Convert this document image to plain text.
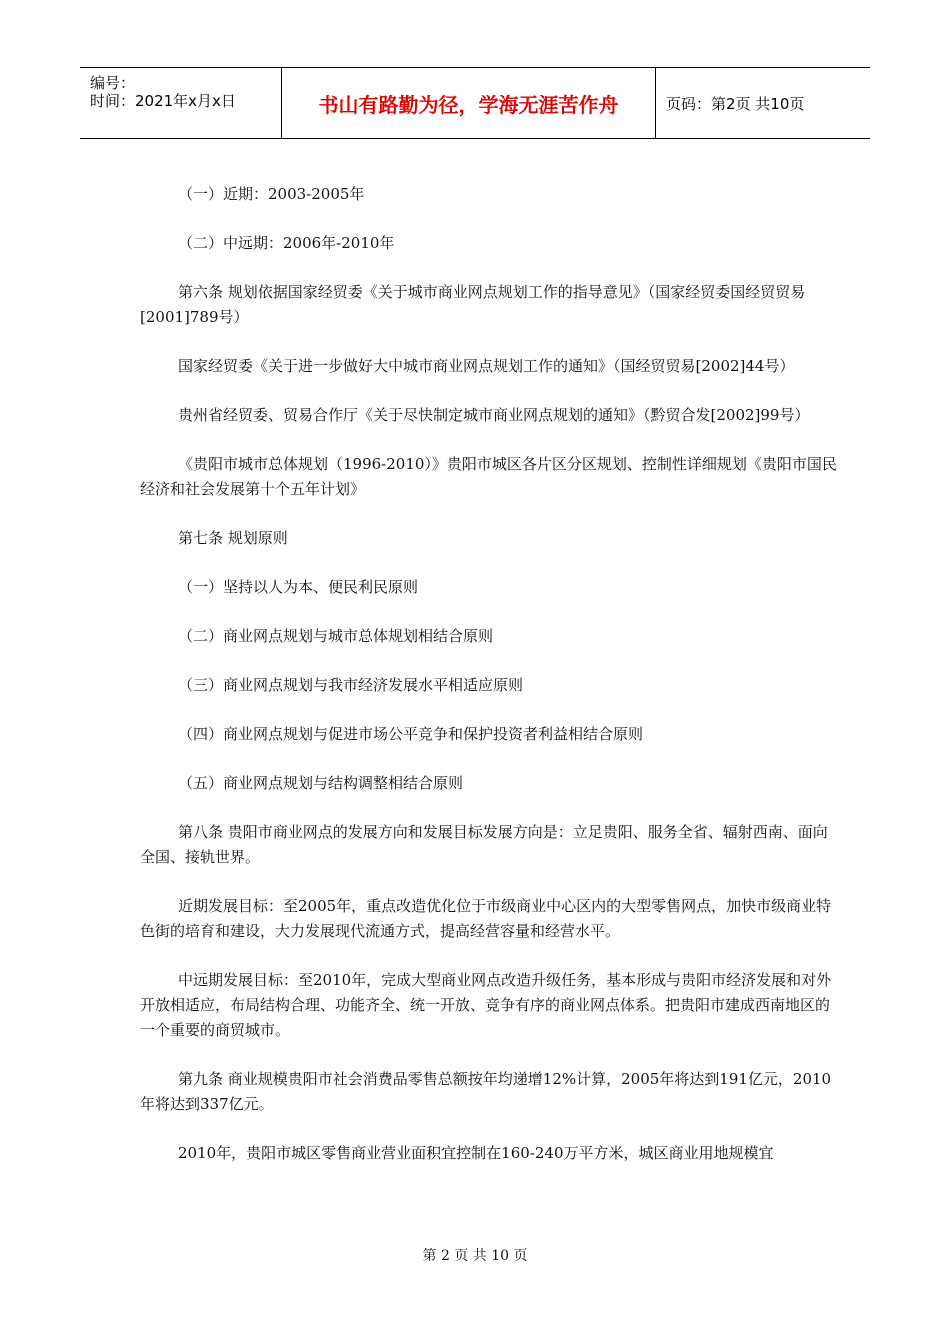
编号：
时间：2021年x月x日	书山有路勤为径，学海无涯苦作舟	页码：第2页 共10页

（一）近期：2003-2005年

（二）中远期：2006年-2010年

第六条 规划依据国家经贸委《关于城市商业网点规划工作的指导意见》（国家经贸委国经贸贸易[2001]789号）

国家经贸委《关于进一步做好大中城市商业网点规划工作的通知》（国经贸贸易[2002]44号）

贵州省经贸委、贸易合作厅《关于尽快制定城市商业网点规划的通知》（黔贸合发[2002]99号）

《贵阳市城市总体规划（1996-2010）》贵阳市城区各片区分区规划、控制性详细规划《贵阳市国民经济和社会发展第十个五年计划》

第七条 规划原则

（一）坚持以人为本、便民利民原则

（二）商业网点规划与城市总体规划相结合原则

（三）商业网点规划与我市经济发展水平相适应原则

（四）商业网点规划与促进市场公平竞争和保护投资者利益相结合原则

（五）商业网点规划与结构调整相结合原则

第八条 贵阳市商业网点的发展方向和发展目标发展方向是：立足贵阳、服务全省、辐射西南、面向全国、接轨世界。

近期发展目标：至2005年，重点改造优化位于市级商业中心区内的大型零售网点，加快市级商业特色街的培育和建设，大力发展现代流通方式，提高经营容量和经营水平。

中远期发展目标：至2010年，完成大型商业网点改造升级任务，基本形成与贵阳市经济发展和对外开放相适应，布局结构合理、功能齐全、统一开放、竞争有序的商业网点体系。把贵阳市建成西南地区的一个重要的商贸城市。

第九条 商业规模贵阳市社会消费品零售总额按年均递增12%计算，2005年将达到191亿元，2010年将达到337亿元。

2010年，贵阳市城区零售商业营业面积宜控制在160-240万平方米，城区商业用地规模宜

第 2 页 共 10 页
